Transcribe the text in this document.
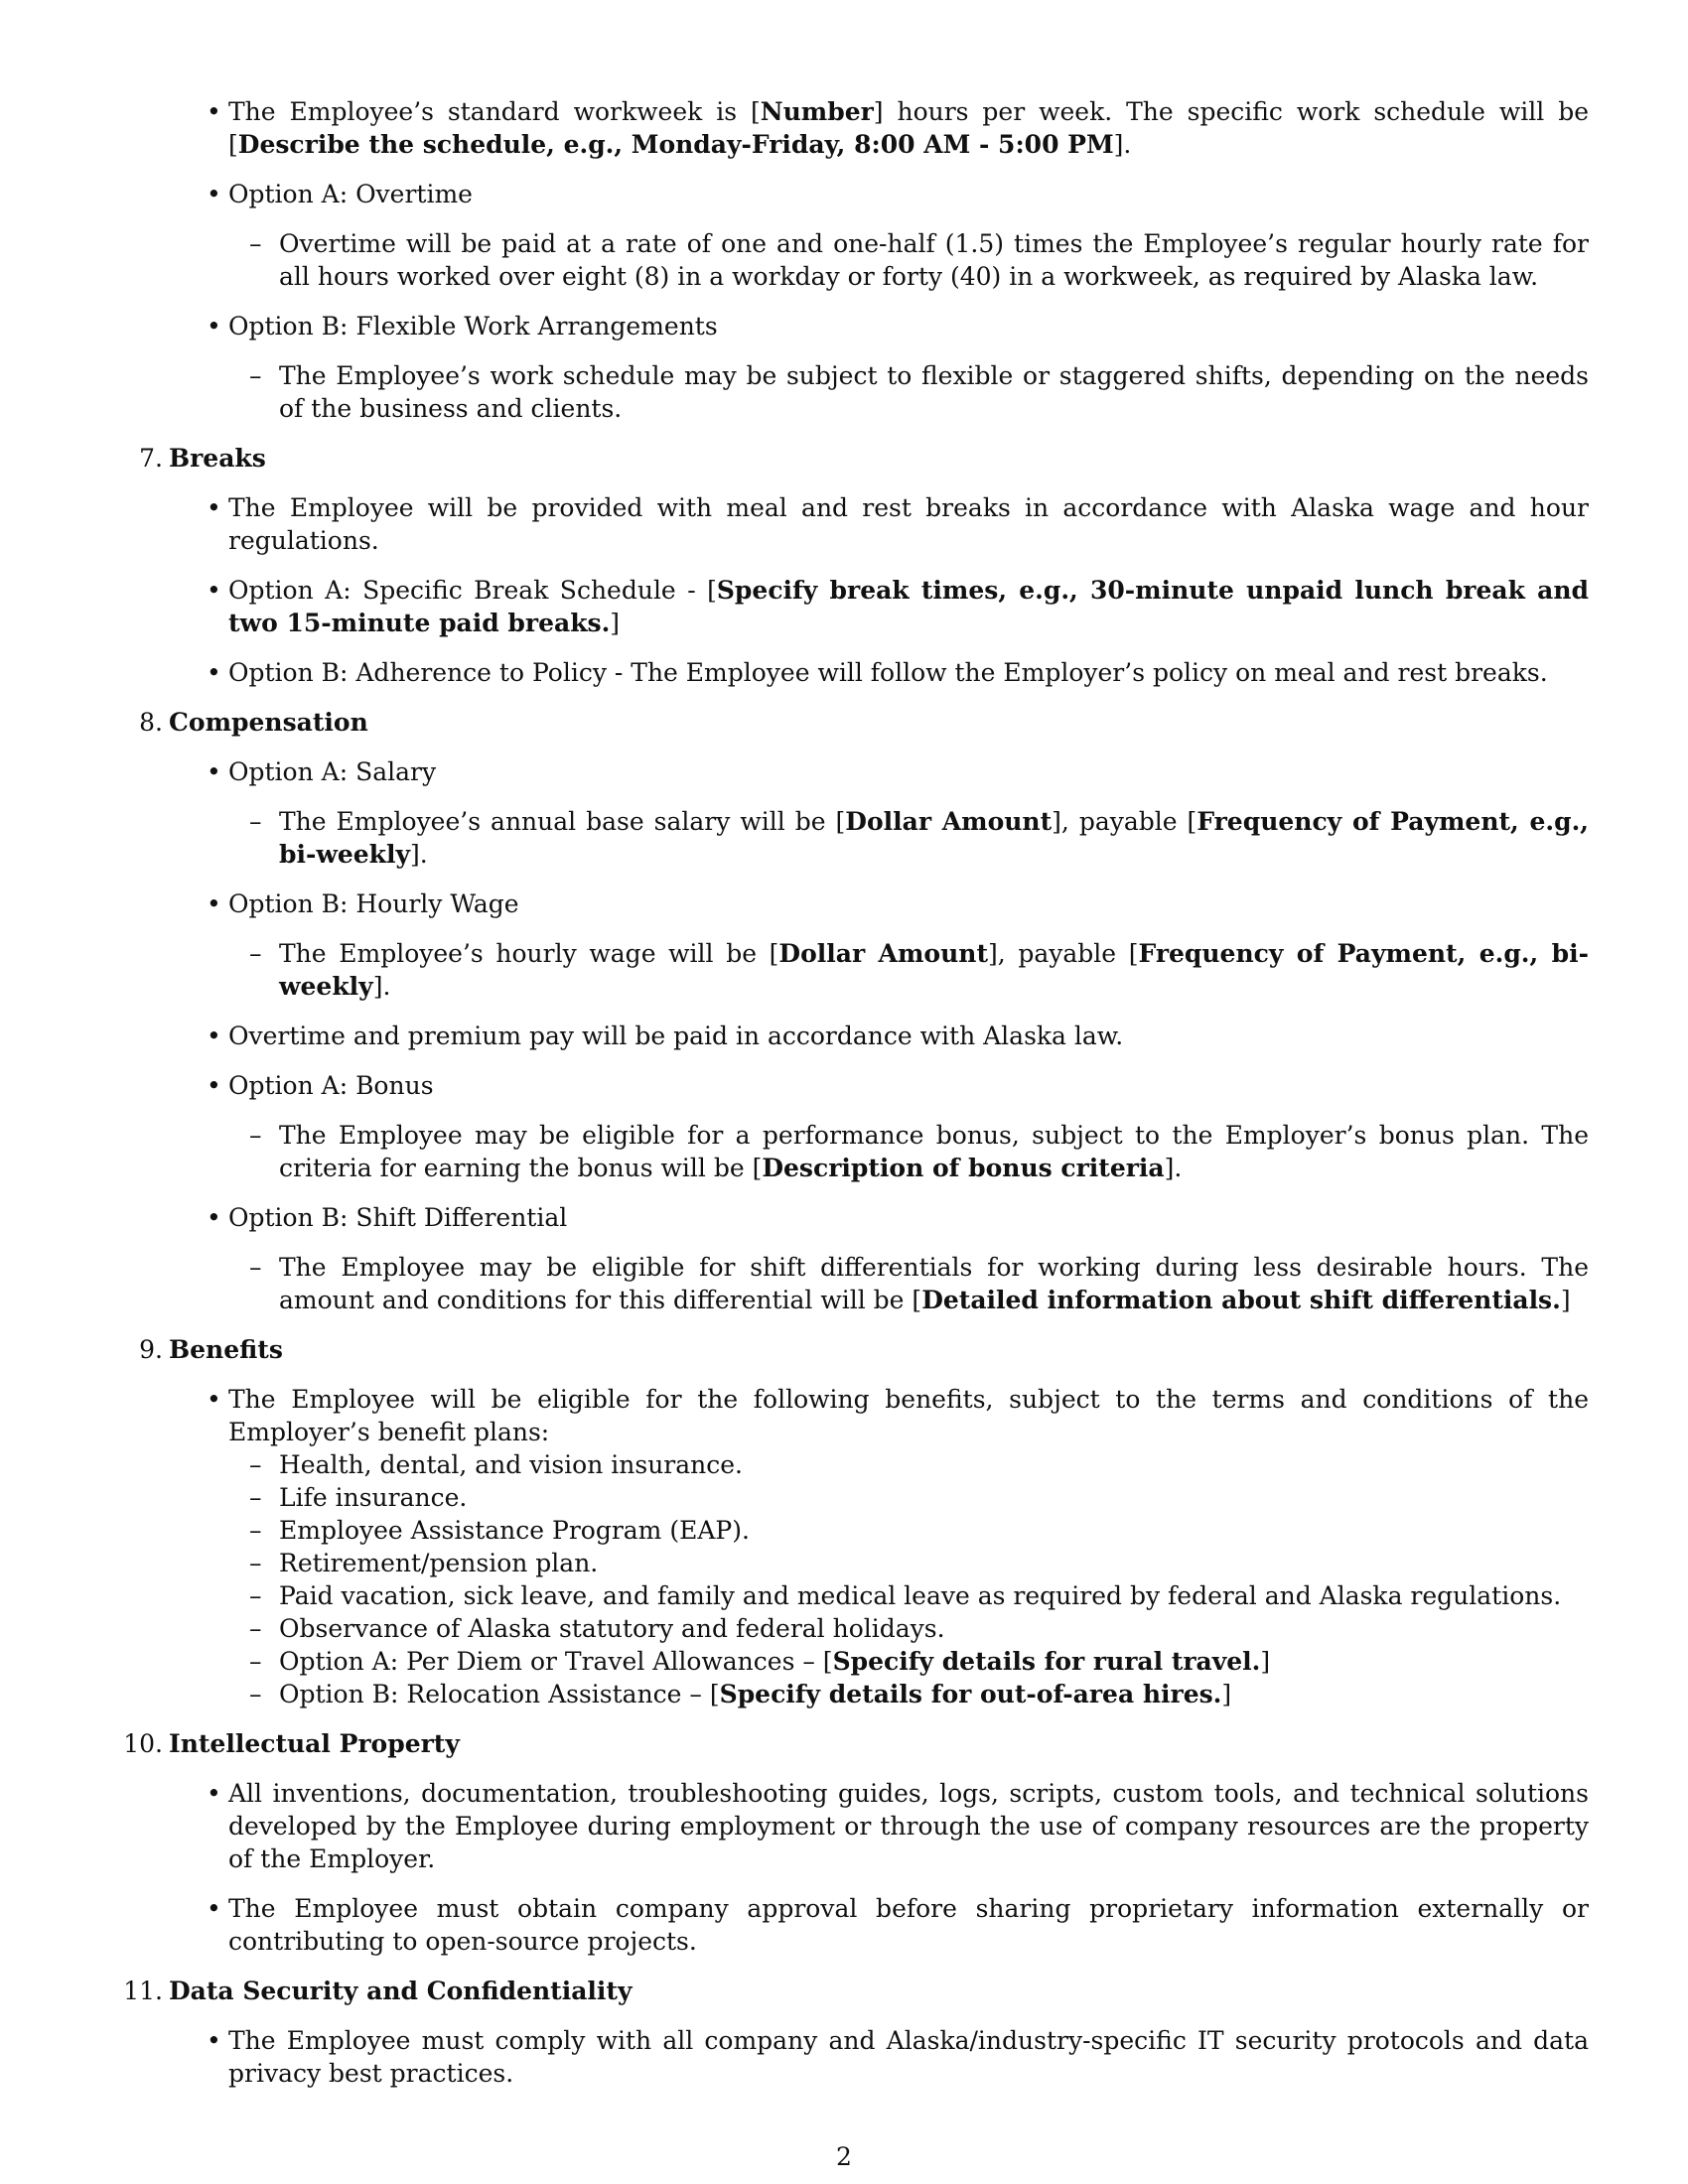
• The Employee’s standard workweek is [Number] hours per week. The specific work schedule will be [Describe the schedule, e.g., Monday-Friday, 8:00 AM - 5:00 PM].
• Option A: Overtime
– Overtime will be paid at a rate of one and one-half (1.5) times the Employee’s regular hourly rate for all hours worked over eight (8) in a workday or forty (40) in a workweek, as required by Alaska law.
• Option B: Flexible Work Arrangements
– The Employee’s work schedule may be subject to flexible or staggered shifts, depending on the needs of the business and clients.
7. Breaks
• The Employee will be provided with meal and rest breaks in accordance with Alaska wage and hour regulations.
• Option A: Specific Break Schedule - [Specify break times, e.g., 30-minute unpaid lunch break and two 15-minute paid breaks.]
• Option B: Adherence to Policy - The Employee will follow the Employer’s policy on meal and rest breaks.
8. Compensation
• Option A: Salary
– The Employee’s annual base salary will be [Dollar Amount], payable [Frequency of Payment, e.g., bi-weekly].
• Option B: Hourly Wage
– The Employee’s hourly wage will be [Dollar Amount], payable [Frequency of Payment, e.g., bi-weekly].
• Overtime and premium pay will be paid in accordance with Alaska law.
• Option A: Bonus
– The Employee may be eligible for a performance bonus, subject to the Employer’s bonus plan. The criteria for earning the bonus will be [Description of bonus criteria].
• Option B: Shift Differential
– The Employee may be eligible for shift differentials for working during less desirable hours. The amount and conditions for this differential will be [Detailed information about shift differentials.]
9. Benefits
• The Employee will be eligible for the following benefits, subject to the terms and conditions of the Employer’s benefit plans:
– Health, dental, and vision insurance.
– Life insurance.
– Employee Assistance Program (EAP).
– Retirement/pension plan.
– Paid vacation, sick leave, and family and medical leave as required by federal and Alaska regulations.
– Observance of Alaska statutory and federal holidays.
– Option A: Per Diem or Travel Allowances – [Specify details for rural travel.]
– Option B: Relocation Assistance – [Specify details for out-of-area hires.]
10. Intellectual Property
• All inventions, documentation, troubleshooting guides, logs, scripts, custom tools, and technical solutions developed by the Employee during employment or through the use of company resources are the property of the Employer.
• The Employee must obtain company approval before sharing proprietary information externally or contributing to open-source projects.
11. Data Security and Confidentiality
• The Employee must comply with all company and Alaska/industry-specific IT security protocols and data privacy best practices.
2
